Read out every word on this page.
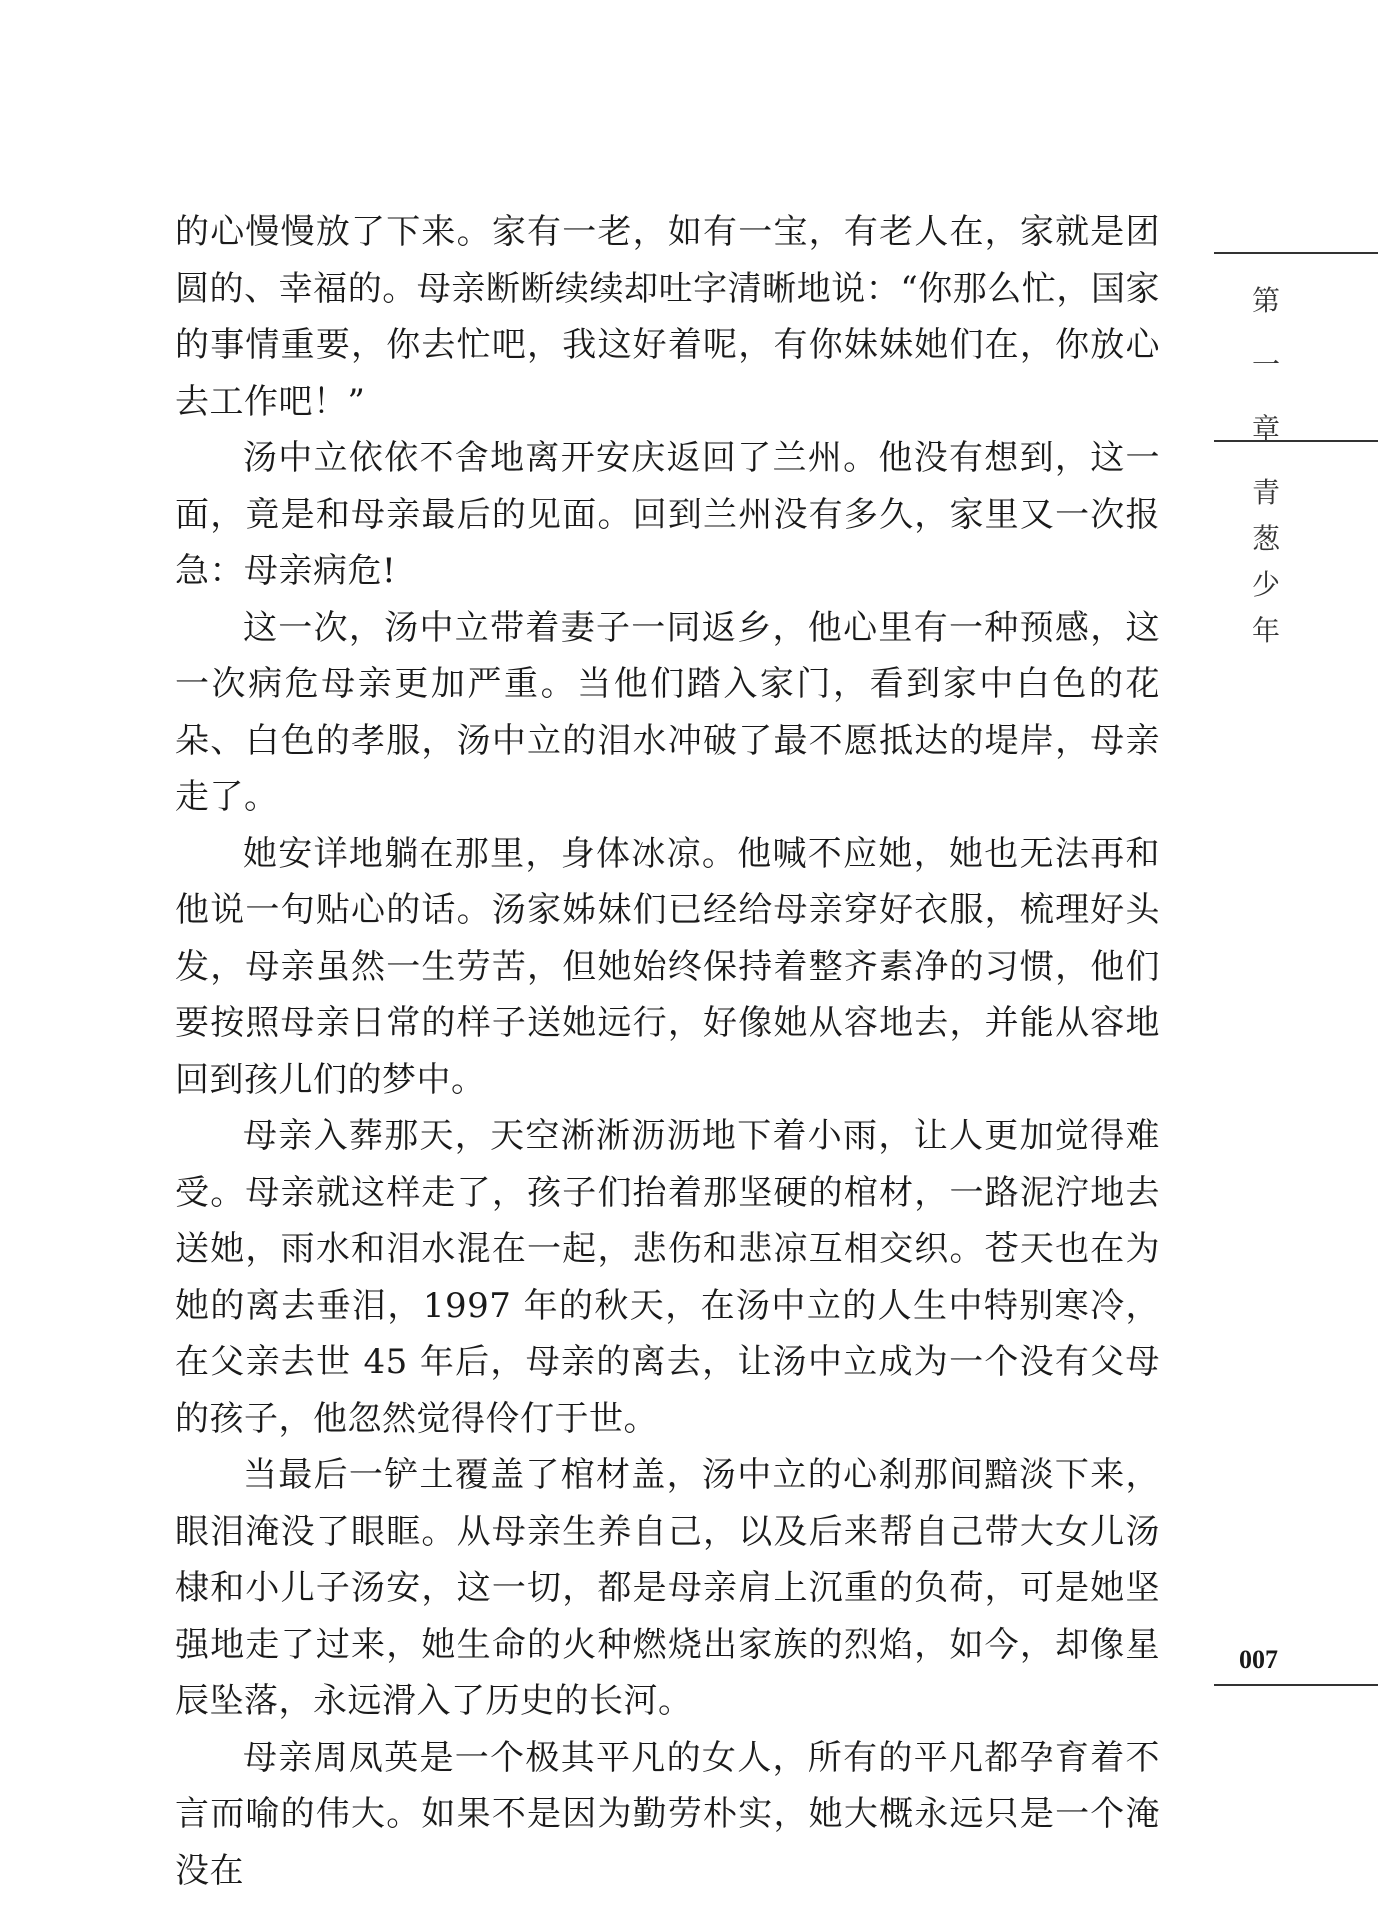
的心慢慢放了下来。家有一老，如有一宝，有老人在，家就是团圆的、幸福的。母亲断断续续却吐字清晰地说：“你那么忙，国家的事情重要，你去忙吧，我这好着呢，有你妹妹她们在，你放心去工作吧！”

汤中立依依不舍地离开安庆返回了兰州。他没有想到，这一面，竟是和母亲最后的见面。回到兰州没有多久，家里又一次报急：母亲病危!

这一次，汤中立带着妻子一同返乡，他心里有一种预感，这一次病危母亲更加严重。当他们踏入家门，看到家中白色的花朵、白色的孝服，汤中立的泪水冲破了最不愿抵达的堤岸，母亲走了。

她安详地躺在那里，身体冰凉。他喊不应她，她也无法再和他说一句贴心的话。汤家姊妹们已经给母亲穿好衣服，梳理好头发，母亲虽然一生劳苦，但她始终保持着整齐素净的习惯，他们要按照母亲日常的样子送她远行，好像她从容地去，并能从容地回到孩儿们的梦中。

母亲入葬那天，天空淅淅沥沥地下着小雨，让人更加觉得难受。母亲就这样走了，孩子们抬着那坚硬的棺材，一路泥泞地去送她，雨水和泪水混在一起，悲伤和悲凉互相交织。苍天也在为她的离去垂泪，1997 年的秋天，在汤中立的人生中特别寒冷，在父亲去世 45 年后，母亲的离去，让汤中立成为一个没有父母的孩子，他忽然觉得伶仃于世。

当最后一铲土覆盖了棺材盖，汤中立的心刹那间黯淡下来，眼泪淹没了眼眶。从母亲生养自己，以及后来帮自己带大女儿汤棣和小儿子汤安，这一切，都是母亲肩上沉重的负荷，可是她坚强地走了过来，她生命的火种燃烧出家族的烈焰，如今，却像星辰坠落，永远滑入了历史的长河。

母亲周凤英是一个极其平凡的女人，所有的平凡都孕育着不言而喻的伟大。如果不是因为勤劳朴实，她大概永远只是一个淹没在

第
一
章
青
葱
少
年
007
